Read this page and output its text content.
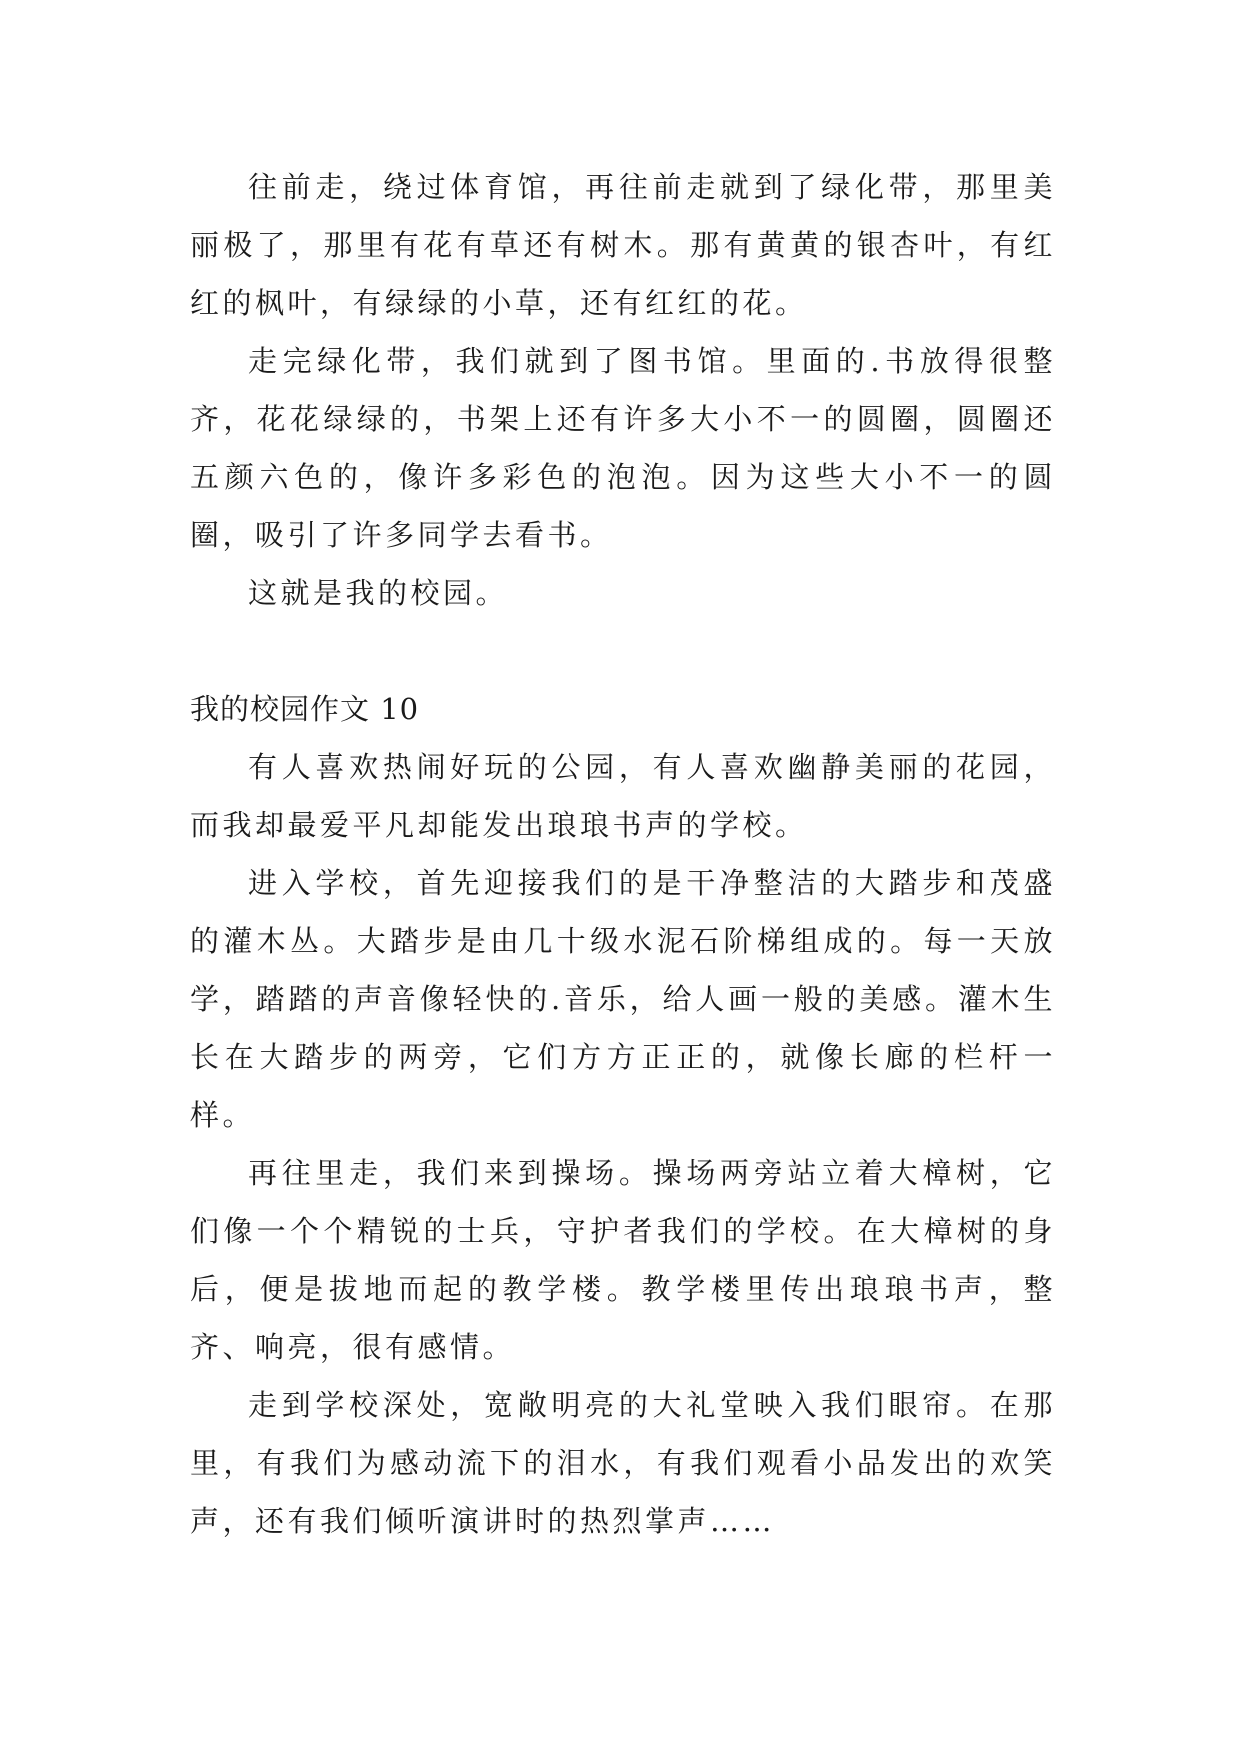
往前走，绕过体育馆，再往前走就到了绿化带，那里美丽极了，那里有花有草还有树木。那有黄黄的银杏叶，有红红的枫叶，有绿绿的小草，还有红红的花。

走完绿化带，我们就到了图书馆。里面的.书放得很整齐，花花绿绿的，书架上还有许多大小不一的圆圈，圆圈还五颜六色的，像许多彩色的泡泡。因为这些大小不一的圆圈，吸引了许多同学去看书。

这就是我的校园。

我的校园作文 10

有人喜欢热闹好玩的公园，有人喜欢幽静美丽的花园，而我却最爱平凡却能发出琅琅书声的学校。

进入学校，首先迎接我们的是干净整洁的大踏步和茂盛的灌木丛。大踏步是由几十级水泥石阶梯组成的。每一天放学，踏踏的声音像轻快的.音乐，给人画一般的美感。灌木生长在大踏步的两旁，它们方方正正的，就像长廊的栏杆一样。

再往里走，我们来到操场。操场两旁站立着大樟树，它们像一个个精锐的士兵，守护者我们的学校。在大樟树的身后，便是拔地而起的教学楼。教学楼里传出琅琅书声，整齐、响亮，很有感情。

走到学校深处，宽敞明亮的大礼堂映入我们眼帘。在那里，有我们为感动流下的泪水，有我们观看小品发出的欢笑声，还有我们倾听演讲时的热烈掌声……
